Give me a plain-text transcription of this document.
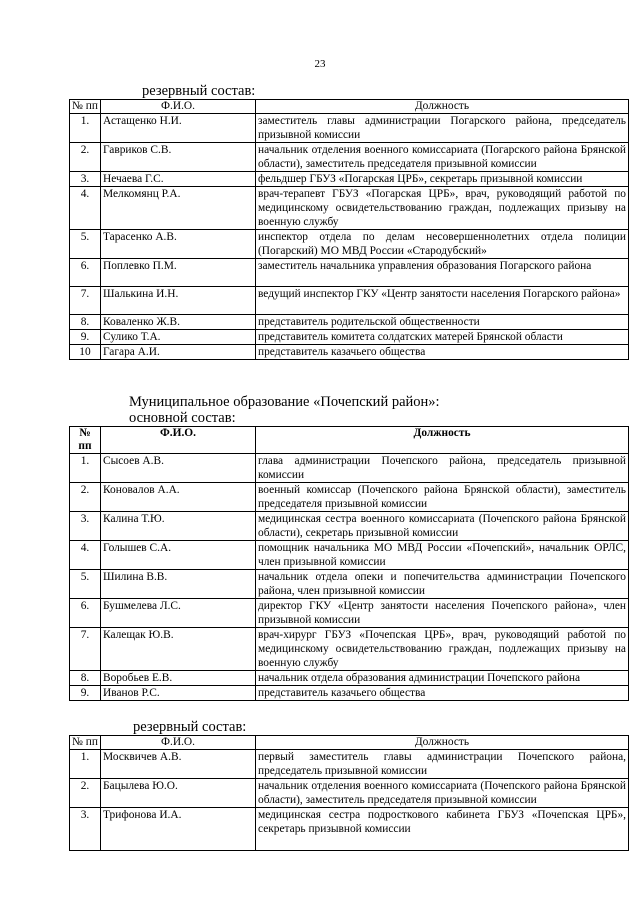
23
резервный состав:
№ пп	Ф.И.О.	Должность
1.	Астащенко Н.И.	заместитель главы администрации Погарского района, председатель призывной комиссии
2.	Гавриков С.В.	начальник отделения военного комиссариата (Погарского района Брянской области), заместитель председателя призывной комиссии
3.	Нечаева Г.С.	фельдшер ГБУЗ «Погарская ЦРБ», секретарь призывной комиссии
4.	Мелкомянц Р.А.	врач-терапевт ГБУЗ «Погарская ЦРБ», врач, руководящий работой по медицинскому освидетельствованию граждан, подлежащих призыву на военную службу
5.	Тарасенко А.В.	инспектор отдела по делам несовершеннолетних отдела полиции (Погарский) МО МВД России «Стародубский»
6.	Поплевко П.М.	заместитель начальника управления образования Погарского района
7.	Шалькина И.Н.	ведущий инспектор ГКУ «Центр занятости населения Погарского района»
8.	Коваленко Ж.В.	представитель родительской общественности
9.	Сулико Т.А.	представитель комитета солдатских матерей Брянской области
10	Гагара А.И.	представитель казачьего общества
Муниципальное образование «Почепский район»:
основной состав:
№ пп	Ф.И.О.	Должность
1.	Сысоев А.В.	глава администрации Почепского района, председатель призывной комиссии
2.	Коновалов А.А.	военный комиссар (Почепского района Брянской области), заместитель председателя призывной комиссии
3.	Калина Т.Ю.	медицинская сестра военного комиссариата (Почепского района Брянской области), секретарь призывной комиссии
4.	Голышев С.А.	помощник начальника МО МВД России «Почепский», начальник ОРЛС, член призывной комиссии
5.	Шилина В.В.	начальник отдела опеки и попечительства администрации Почепского района, член призывной комиссии
6.	Бушмелева Л.С.	директор ГКУ «Центр занятости населения Почепского района», член призывной комиссии
7.	Калещак Ю.В.	врач-хирург ГБУЗ «Почепская ЦРБ», врач, руководящий работой по медицинскому освидетельствованию граждан, подлежащих призыву на военную службу
8.	Воробьев Е.В.	начальник отдела образования администрации Почепского района
9.	Иванов Р.С.	представитель казачьего общества
резервный состав:
№ пп	Ф.И.О.	Должность
1.	Москвичев А.В.	первый заместитель главы администрации Почепского района, председатель призывной комиссии
2.	Бацылева Ю.О.	начальник отделения военного комиссариата (Почепского района Брянской области), заместитель председателя призывной комиссии
3.	Трифонова И.А.	медицинская сестра подросткового кабинета ГБУЗ «Почепская ЦРБ», секретарь призывной комиссии
